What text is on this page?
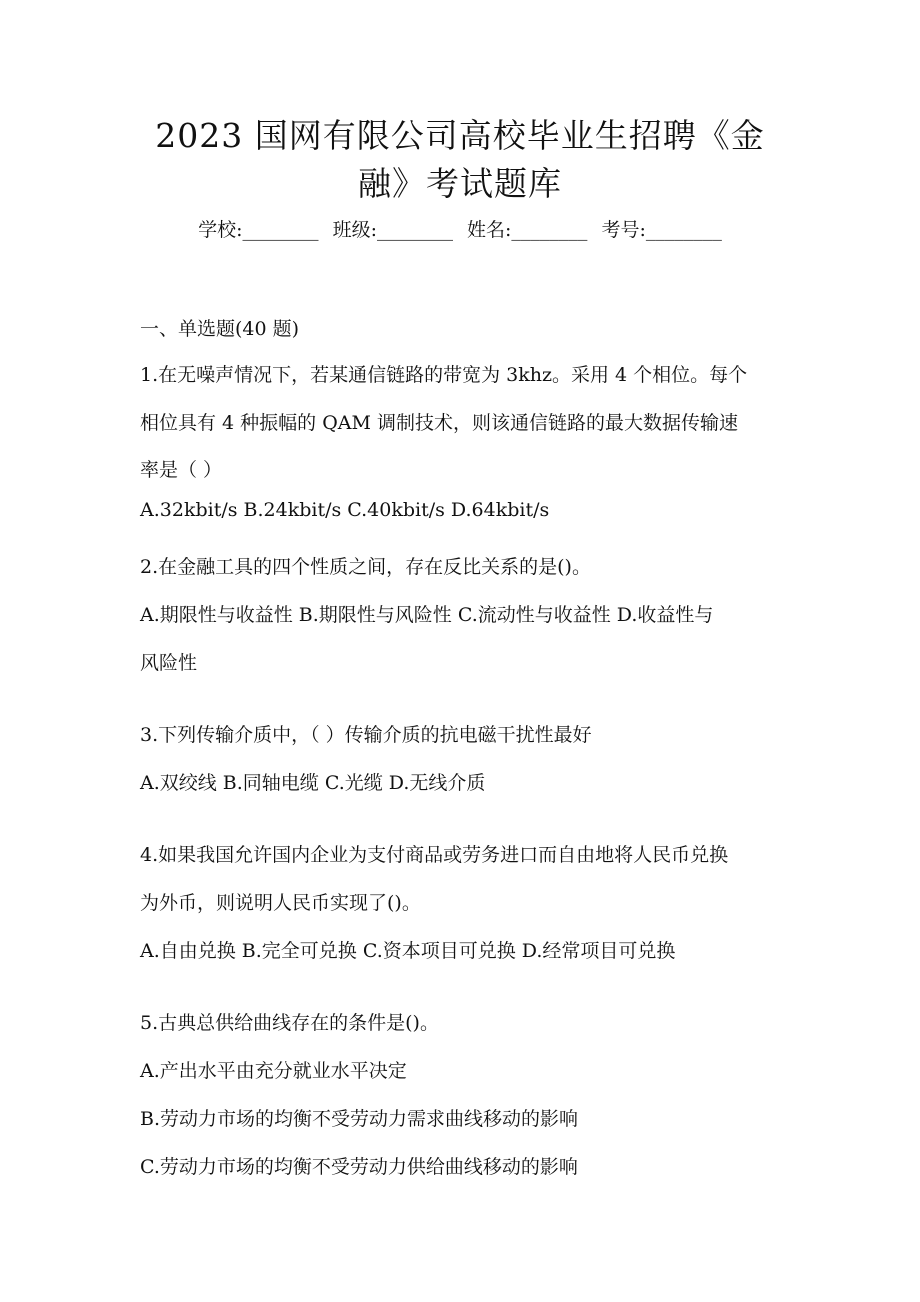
2023 国网有限公司高校毕业生招聘《金
融》考试题库
学校:________ 班级:________ 姓名:________ 考号:________
一、单选题(40 题)
1.在无噪声情况下，若某通信链路的带宽为 3khz。采用 4 个相位。每个
相位具有 4 种振幅的 QAM 调制技术，则该通信链路的最大数据传输速
率是（ ）
A.32kbit/s B.24kbit/s C.40kbit/s D.64kbit/s
2.在金融工具的四个性质之间，存在反比关系的是()。
A.期限性与收益性 B.期限性与风险性 C.流动性与收益性 D.收益性与
风险性
3.下列传输介质中，（ ）传输介质的抗电磁干扰性最好
A.双绞线 B.同轴电缆 C.光缆 D.无线介质
4.如果我国允许国内企业为支付商品或劳务进口而自由地将人民币兑换
为外币，则说明人民币实现了()。
A.自由兑换 B.完全可兑换 C.资本项目可兑换 D.经常项目可兑换
5.古典总供给曲线存在的条件是()。
A.产出水平由充分就业水平决定
B.劳动力市场的均衡不受劳动力需求曲线移动的影响
C.劳动力市场的均衡不受劳动力供给曲线移动的影响
